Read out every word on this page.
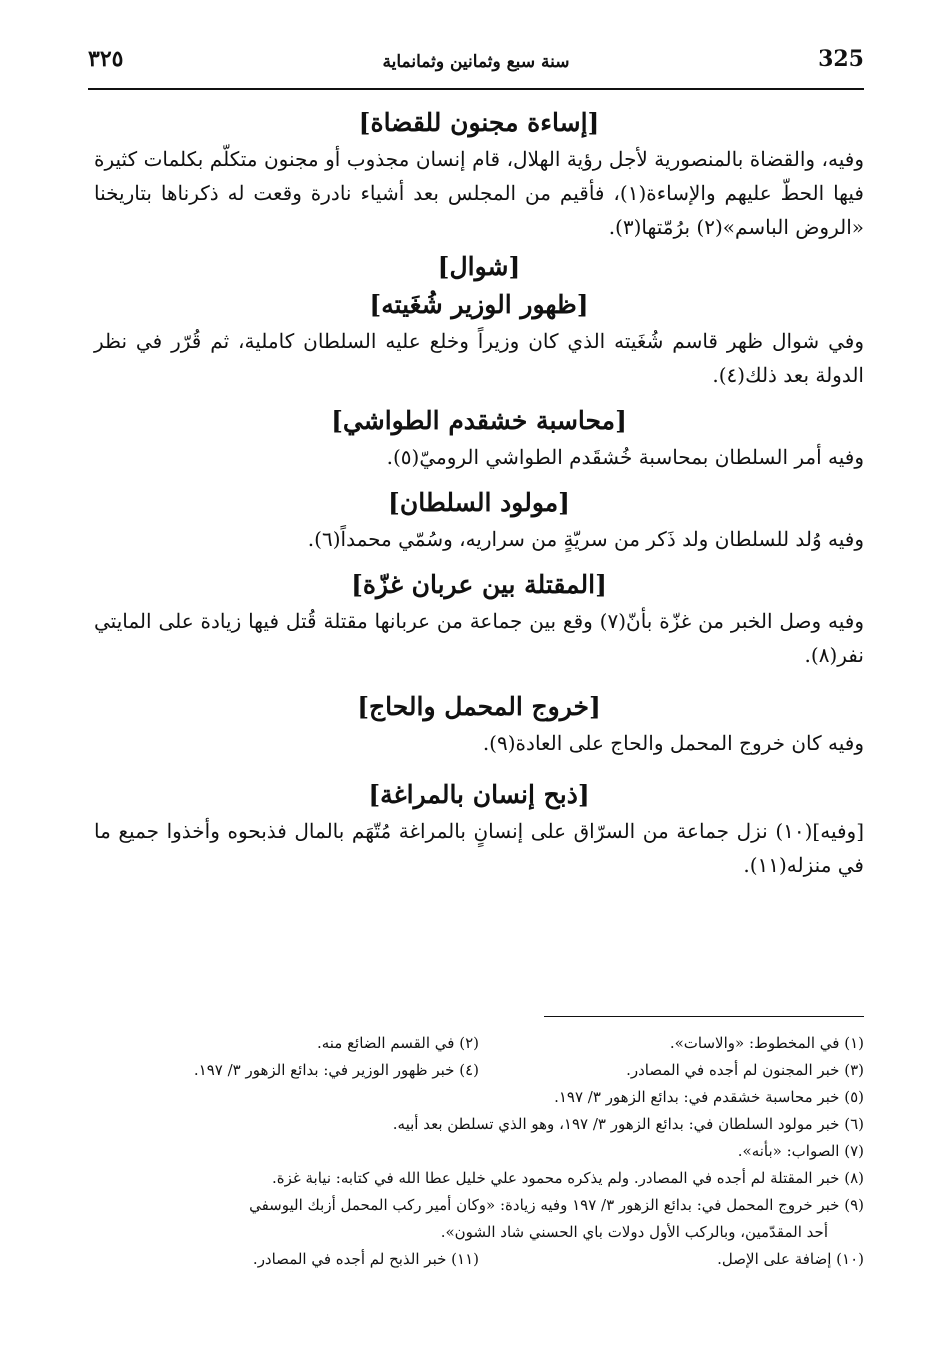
325
سنة سبع وثمانين وثمانماية
٣٢٥
[إساءة مجنون للقضاة]

وفيه، والقضاة بالمنصورية لأجل رؤية الهلال، قام إنسان مجذوب أو مجنون متكلّم بكلمات كثيرة فيها الحطّ عليهم والإساءة(١)، فأقيم من المجلس بعد أشياء نادرة وقعت له ذكرناها بتاريخنا «الروض الباسم»(٢) برُمّتها(٣).

[شوال]
[ظهور الوزير شُغَيته]

وفي شوال ظهر قاسم شُغَيته الذي كان وزيراً وخلع عليه السلطان كاملية، ثم قُرّر في نظر الدولة بعد ذلك(٤).

[محاسبة خشقدم الطواشي]

وفيه أمر السلطان بمحاسبة خُشقَدم الطواشي الروميّ(٥).

[مولود السلطان]

وفيه وُلد للسلطان ولد ذَكر من سريّةٍ من سراريه، وسُمّي محمداً(٦).

[المقتلة بين عربان غزّة]

وفيه وصل الخبر من غزّة بأنّ(٧) وقع بين جماعة من عربانها مقتلة قُتل فيها زيادة على المايتي نفر(٨).

[خروج المحمل والحاج]

وفيه كان خروج المحمل والحاج على العادة(٩).

[ذبح إنسان بالمراغة]

[وفيه](١٠) نزل جماعة من السرّاق على إنسانٍ بالمراغة مُتّهَم بالمال فذبحوه وأخذوا جميع ما في منزله(١١).

(١) في المخطوط: «والاسات».
(٢) في القسم الضائع منه.
(٣) خبر المجنون لم أجده في المصادر.
(٤) خبر ظهور الوزير في: بدائع الزهور ٣/ ١٩٧.
(٥) خبر محاسبة خشقدم في: بدائع الزهور ٣/ ١٩٧.
(٦) خبر مولود السلطان في: بدائع الزهور ٣/ ١٩٧، وهو الذي تسلطن بعد أبيه.
(٧) الصواب: «بأنه».
(٨) خبر المقتلة لم أجده في المصادر. ولم يذكره محمود علي خليل عطا الله في كتابه: نيابة غزة.
(٩) خبر خروج المحمل في: بدائع الزهور ٣/ ١٩٧ وفيه زيادة: «وكان أمير ركب المحمل أزبك اليوسفي
أحد المقدّمين، وبالركب الأول دولات باي الحسني شاد الشون».
(١٠) إضافة على الإصل.
(١١) خبر الذبح لم أجده في المصادر.
